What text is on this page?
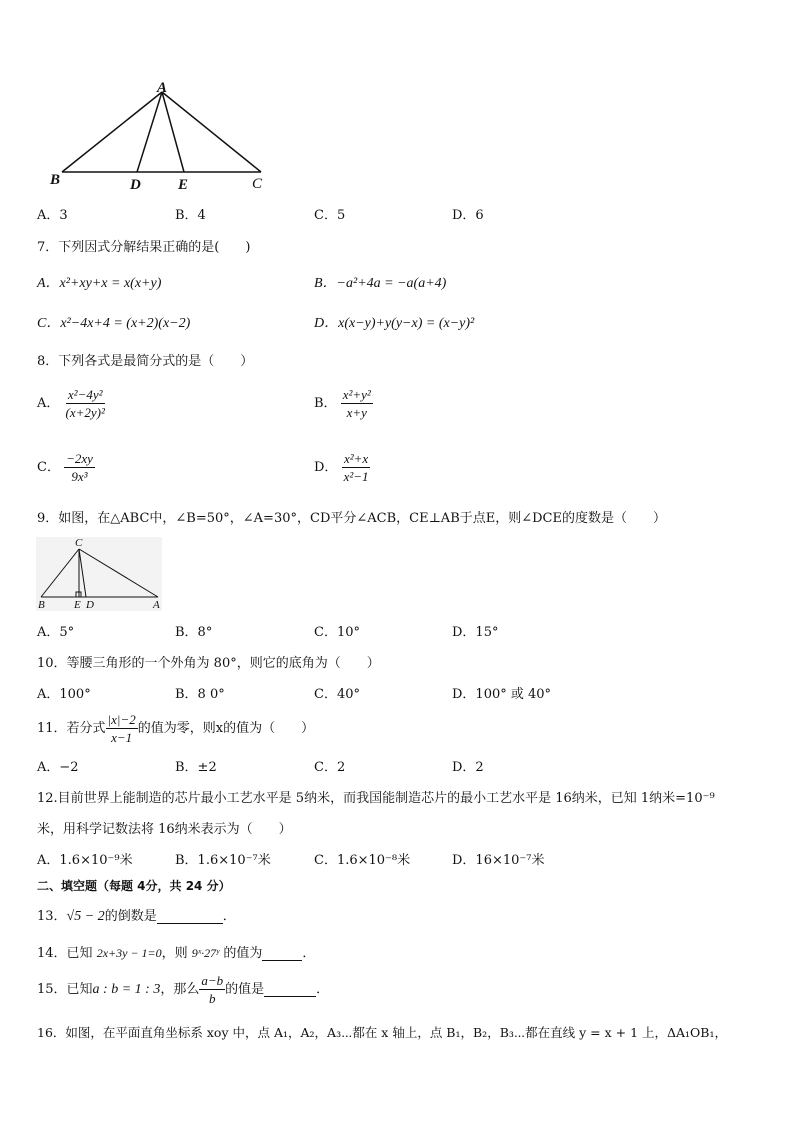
A
B	D E	C
A．3	B．4	C．5	D．6
7．下列因式分解结果正确的是(　　)
A．x²+xy+x = x(x+y)	B．−a²+4a = −a(a+4)
C．x²−4x+4 = (x+2)(x−2)	D．x(x−y)+y(y−x) = (x−y)²
8．下列各式是最简分式的是（　　）
A． $\frac{\text{x²−4y²}}{\text{(x+2y)²}}$	B． $\frac{\text{x²+y²}}{x+y}$
C． $\frac{-2xy}{\text{9x³}}$	D． $\frac{\text{x²+x}}{\text{x²−1}}$
9．如图，在△ABC中，∠B=50°，∠A=30°，CD平分∠ACB，CE⊥AB于点E，则∠DCE的度数是（　　）
C
B	E D	A
A．5°	B．8°	C．10°	D．15°
10．等腰三角形的一个外角为 80°，则它的底角为（　　）
A．100°	B．8 0°	C．40°	D．100° 或 40°
11．若分式 $\frac{|x|-2}{x-1}$ 的值为零，则x的值为（　　）
A．−2	B．±2	C．2	D．2
12.目前世界上能制造的芯片最小工艺水平是 5纳米，而我国能制造芯片的最小工艺水平是 16纳米，已知 1纳米=10⁻⁹
米，用科学记数法将 16纳米表示为（　　）
A．1.6×10⁻⁹米	B．1.6×10⁻⁷米	C．1.6×10⁻⁸米	D．16×10⁻⁷米
二、填空题（每题 4分，共 24 分）
13．√5 − 2的倒数是	．
14．已知 2x+3y − 1=0，则 9ˣ·27ʸ 的值为	．
15．已知a : b = 1 : 3，那么 $\frac{a-b}{b}$ 的值是	．
16．如图，在平面直角坐标系 xoy 中，点 A₁，A₂，A₃⋯都在 x 轴上，点 B₁，B₂，B₃⋯都在直线 y = x + 1 上，ΔA₁OB₁，
